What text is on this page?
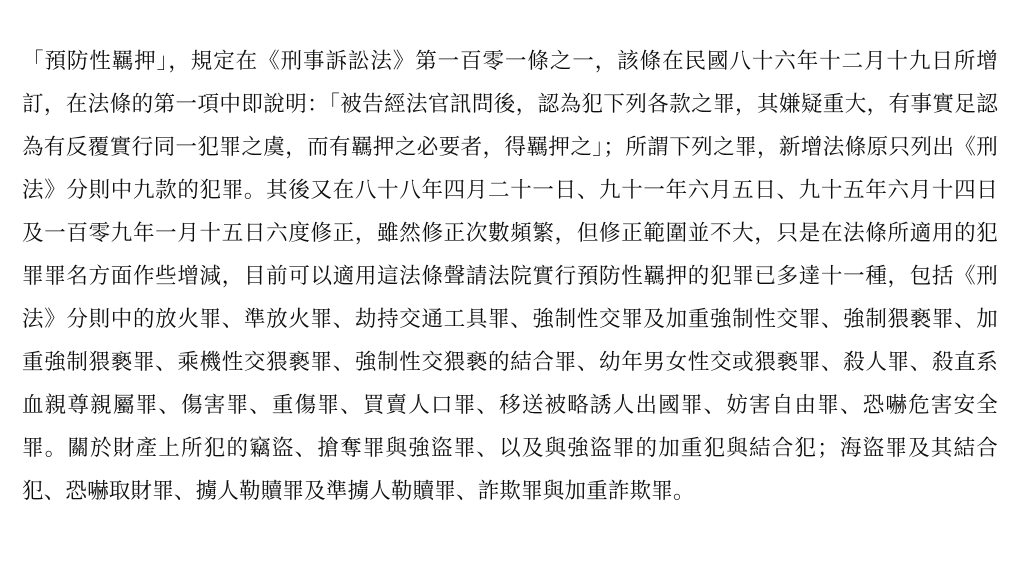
「預防性羈押」，規定在《刑事訴訟法》第一百零一條之一，該條在民國八十六年十二月十九日所增訂，在法條的第一項中即說明：「被告經法官訊問後，認為犯下列各款之罪，其嫌疑重大，有事實足認為有反覆實行同一犯罪之虞，而有羈押之必要者，得羈押之」；所謂下列之罪，新增法條原只列出《刑法》分則中九款的犯罪。其後又在八十八年四月二十一日、九十一年六月五日、九十五年六月十四日及一百零九年一月十五日六度修正，雖然修正次數頻繁，但修正範圍並不大，只是在法條所適用的犯罪罪名方面作些增減，目前可以適用這法條聲請法院實行預防性羈押的犯罪已多達十一種，包括《刑法》分則中的放火罪、準放火罪、劫持交通工具罪、強制性交罪及加重強制性交罪、強制猥褻罪、加重強制猥褻罪、乘機性交猥褻罪、強制性交猥褻的結合罪、幼年男女性交或猥褻罪、殺人罪、殺直系血親尊親屬罪、傷害罪、重傷罪、買賣人口罪、移送被略誘人出國罪、妨害自由罪、恐嚇危害安全罪。關於財產上所犯的竊盜、搶奪罪與強盜罪、以及與強盜罪的加重犯與結合犯；海盜罪及其結合犯、恐嚇取財罪、擄人勒贖罪及準擄人勒贖罪、詐欺罪與加重詐欺罪。
